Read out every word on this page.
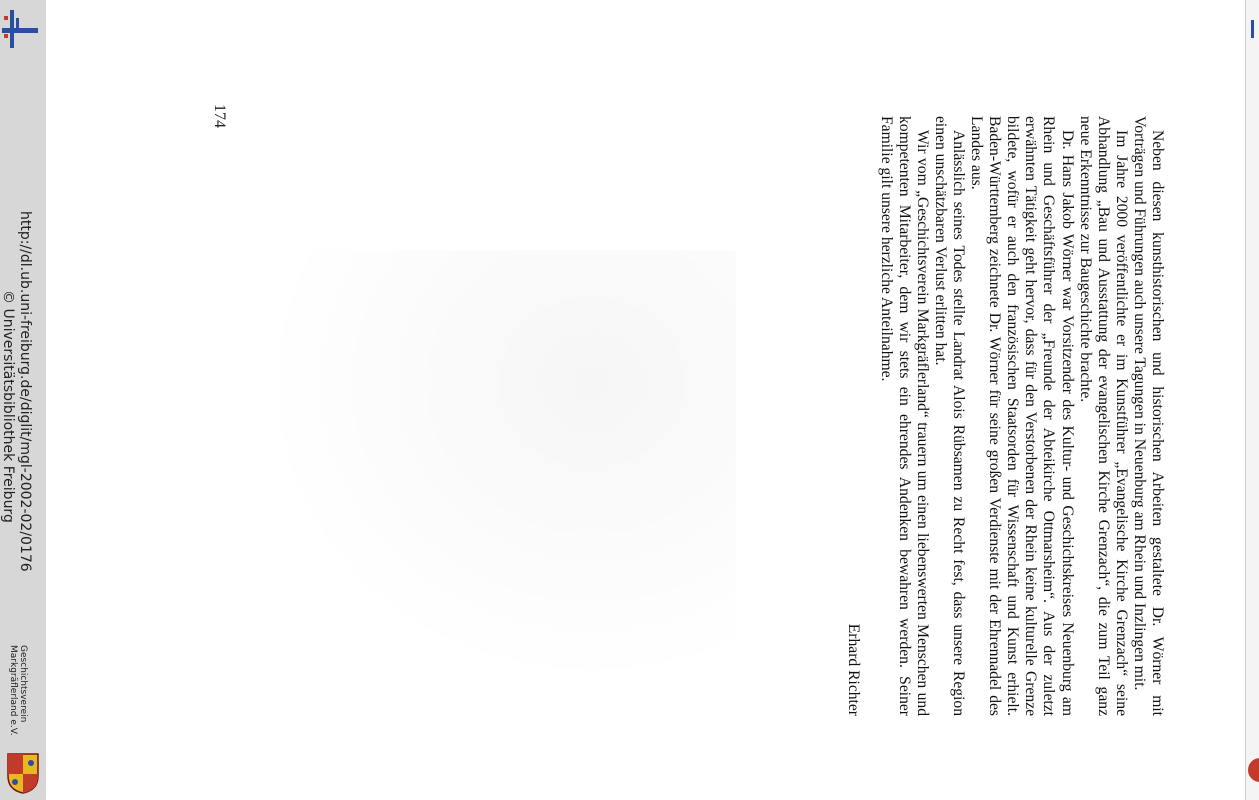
http://dl.ub.uni-freiburg.de/diglit/mgl-2002-02/0176
© Universitätsbibliothek Freiburg
Geschichtsverein
Markgräflerland e.V.
174

Neben diesen kunsthistorischen und historischen Arbeiten gestaltete Dr. Wörner mit Vorträgen und Führungen auch unsere Tagungen in Neuenburg am Rhein und Inzlingen mit.

Im Jahre 2000 veröffentlichte er im Kunstführer „Evangelische Kirche Grenzach“ seine Abhandlung „Bau und Ausstattung der evangelischen Kirche Grenzach“, die zum Teil ganz neue Erkenntnisse zur Baugeschichte brachte.

Dr. Hans Jakob Wörner war Vorsitzender des Kultur- und Geschichtskreises Neuenburg am Rhein und Geschäftsführer der „Freunde der Abteikirche Ottmarsheim“. Aus der zuletzt erwähnten Tätigkeit geht hervor, dass für den Verstorbenen der Rhein keine kulturelle Grenze bildete, wofür er auch den französischen Staatsorden für Wissenschaft und Kunst erhielt. Baden-Württemberg zeichnete Dr. Wörner für seine großen Verdienste mit der Ehrennadel des Landes aus.

Anlässlich seines Todes stellte Landrat Alois Rübsamen zu Recht fest, dass unsere Region einen unschätzbaren Verlust erlitten hat.

Wir vom „Geschichtsverein Markgräflerland“ trauern um einen liebenswerten Menschen und kompetenten Mitarbeiter, dem wir stets ein ehrendes Andenken bewahren werden. Seiner Familie gilt unsere herzliche Anteilnahme.

Erhard Richter
